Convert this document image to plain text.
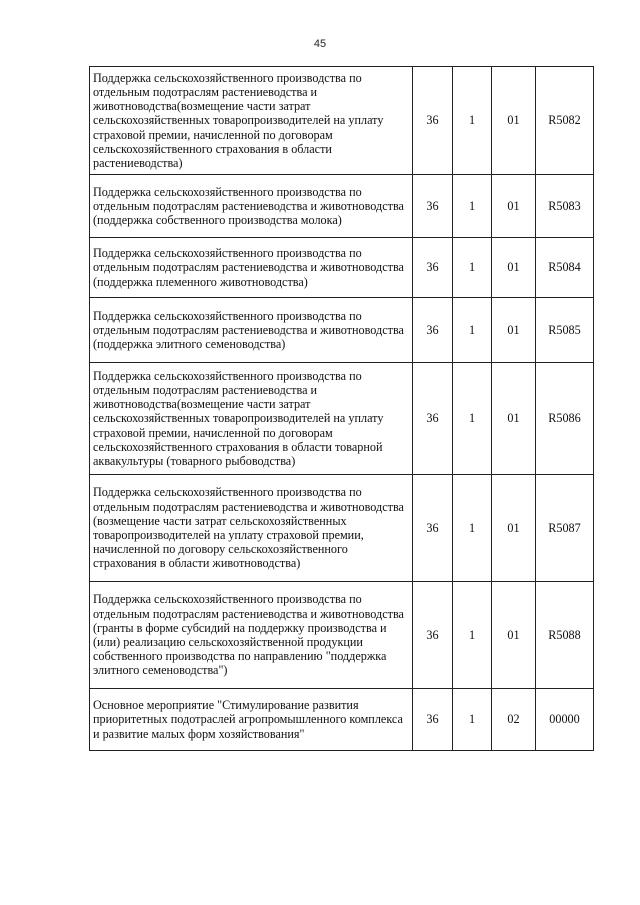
45
Поддержка сельскохозяйственного производства по отдельным подотраслям растениеводства и животноводства(возмещение части затрат сельскохозяйственных товаропроизводителей на уплату страховой премии, начисленной по договорам сельскохозяйственного страхования в области растениеводства)	36	1	01	R5082
Поддержка сельскохозяйственного производства по отдельным подотраслям растениеводства и животноводства (поддержка собственного производства молока)	36	1	01	R5083
Поддержка сельскохозяйственного производства по отдельным подотраслям растениеводства и животноводства (поддержка племенного животноводства)	36	1	01	R5084
Поддержка сельскохозяйственного производства по отдельным подотраслям растениеводства и животноводства (поддержка элитного семеноводства)	36	1	01	R5085
Поддержка сельскохозяйственного производства по отдельным подотраслям растениеводства и животноводства(возмещение части затрат сельскохозяйственных товаропроизводителей на уплату страховой премии, начисленной по договорам сельскохозяйственного страхования в области товарной аквакультуры (товарного рыбоводства)	36	1	01	R5086
Поддержка сельскохозяйственного производства по отдельным подотраслям растениеводства и животноводства (возмещение части затрат сельскохозяйственных товаропроизводителей на уплату страховой премии, начисленной по договору сельскохозяйственного страхования в области животноводства)	36	1	01	R5087
Поддержка сельскохозяйственного производства по отдельным подотраслям растениеводства и животноводства (гранты в форме субсидий на поддержку производства и (или) реализацию сельскохозяйственной продукции собственного производства по направлению "поддержка элитного семеноводства")	36	1	01	R5088
Основное мероприятие "Стимулирование развития приоритетных подотраслей агропромышленного комплекса и развитие малых форм хозяйствования"	36	1	02	00000
